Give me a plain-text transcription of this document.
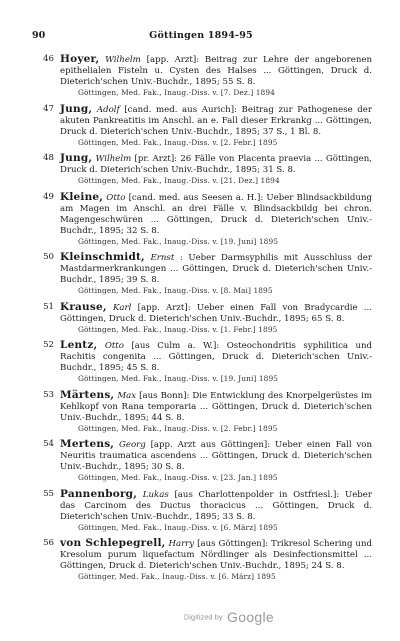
90	Göttingen 1894-95
46 Hoyer, Wilhelm [app. Arzt]: Beitrag zur Lehre der angeborenen epithelialen Fisteln u. Cysten des Halses ... Göttingen, Druck d. Dieterich'schen Univ.-Buchdr., 1895; 55 S. 8.
Göttingen, Med. Fak., Inaug.-Diss. v. [7. Dez.] 1894
47 Jung, Adolf [cand. med. aus Aurich]: Beitrag zur Pathogenese der akuten Pankreatitis im Anschl. an e. Fall dieser Erkrankg ... Göttingen, Druck d. Dieterich'schen Univ.-Buchdr., 1895; 37 S., 1 Bl. 8.
Göttingen, Med. Fak., Inaug.-Diss. v. [2. Febr.] 1895
48 Jung, Wilhelm [pr. Arzt]: 26 Fälle von Placenta praevia ... Göttingen, Druck d. Dieterich'schen Univ.-Buchdr., 1895; 31 S. 8.
Göttingen, Med. Fak., Inaug.-Diss. v. [21. Dez.] 1894
49 Kleine, Otto [cand. med. aus Seesen a. H.]: Ueber Blindsackbildung am Magen im Anschl. an drei Fälle v. Blindsackbildg bei chron. Magengeschwüren ... Göttingen, Druck d. Dieterich'schen Univ.-Buchdr., 1895; 32 S. 8.
Göttingen, Med. Fak., Inaug.-Diss. v. [19. Juni] 1895
50 Kleinschmidt, Ernst : Ueber Darmsyphilis mit Ausschluss der Mastdarmerkrankungen ... Göttingen, Druck d. Dieterich'schen Univ.-Buchdr., 1895; 39 S. 8.
Göttingen, Med. Fak., Inaug.-Diss. v. [8. Mai] 1895
51 Krause, Karl [app. Arzt]: Ueber einen Fall von Bradycardie ... Göttingen, Druck d. Dieterich'schen Univ.-Buchdr., 1895; 65 S. 8.
Göttingen, Med. Fak., Inaug.-Diss. v. [1. Febr.] 1895
52 Lentz, Otto [aus Culm a. W.]: Osteochondritis syphilitica und Rachitis congenita ... Göttingen, Druck d. Dieterich'schen Univ.-Buchdr., 1895; 45 S. 8.
Göttingen, Med. Fak., Inaug.-Diss. v. [19. Juni] 1895
53 Märtens, Max [aus Bonn]: Die Entwicklung des Knorpelgerüstes im Kehlkopf von Rana temporaria ... Göttingen, Druck d. Dieterich'schen Univ.-Buchdr., 1895; 44 S. 8.
Göttingen, Med. Fak., Inaug.-Diss. v. [2. Febr.] 1895
54 Mertens, Georg [app. Arzt aus Göttingen]: Ueber einen Fall von Neuritis traumatica ascendens ... Göttingen, Druck d. Dieterich'schen Univ.-Buchdr., 1895; 30 S. 8.
Göttingen, Med. Fak., Inaug.-Diss. v. [23. Jan.] 1895
55 Pannenborg, Lukas [aus Charlottenpolder in Ostfriesl.]: Ueber das Carcinom des Ductus thoracicus ... Göttingen, Druck d. Dieterich'schen Univ.-Buchdr., 1895; 33 S. 8.
Göttingen, Med. Fak., Inaug.-Diss. v. [6. März] 1895
56 von Schlepegrell, Harry [aus Göttingen]: Trikresol Schering und Kresolum purum liquefactum Nördlinger als Desinfectionsmittel ... Göttingen, Druck d. Dieterich'schen Univ.-Buchdr., 1895; 24 S. 8.
Göttinger, Med. Fak., Inaug.-Diss. v. [6. März] 1895
Digitized by Google
